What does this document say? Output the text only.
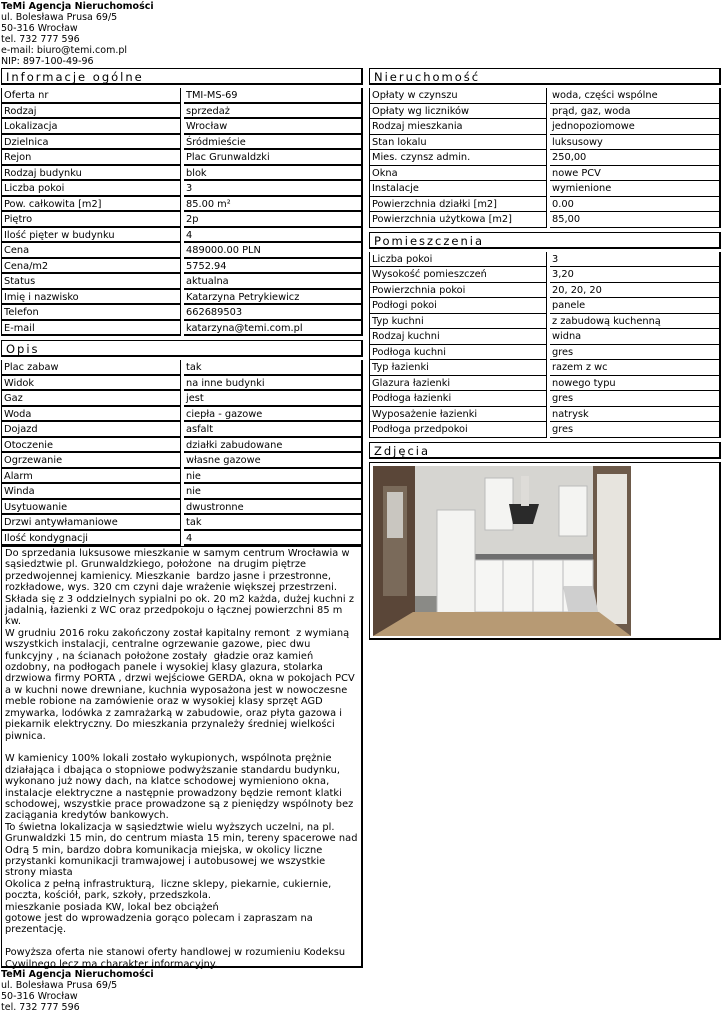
TeMi Agencja Nieruchomości
ul. Bolesława Prusa 69/5
50-316 Wrocław
tel. 732 777 596
e-mail: biuro@temi.com.pl
NIP: 897-100-49-96
Informacje ogólne
Oferta nr	TMI-MS-69
Rodzaj	sprzedaż
Lokalizacja	Wrocław
Dzielnica	Śródmieście
Rejon	Plac Grunwaldzki
Rodzaj budynku	blok
Liczba pokoi	3
Pow. całkowita [m2]	85.00 m²
Piętro	2p
Ilość pięter w budynku	4
Cena	489000.00 PLN
Cena/m2	5752.94
Status	aktualna
Imię i nazwisko	Katarzyna Petrykiewicz
Telefon	662689503
E-mail	katarzyna@temi.com.pl
Opis
Plac zabaw	tak
Widok	na inne budynki
Gaz	jest
Woda	ciepła - gazowe
Dojazd	asfalt
Otoczenie	działki zabudowane
Ogrzewanie	własne gazowe
Alarm	nie
Winda	nie
Usytuowanie	dwustronne
Drzwi antywłamaniowe	tak
Ilość kondygnacji	4
Do sprzedania luksusowe mieszkanie w samym centrum Wrocławia w sąsiedztwie pl. Grunwaldzkiego, położone  na drugim piętrze przedwojennej kamienicy. Mieszkanie  bardzo jasne i przestronne, rozkładowe, wys. 320 cm czyni daje wrażenie większej przestrzeni. Składa się z 3 oddzielnych sypialni po ok. 20 m2 każda, dużej kuchni z jadalnią, łazienki z WC oraz przedpokoju o łącznej powierzchni 85 m kw.
W grudniu 2016 roku zakończony został kapitalny remont  z wymianą wszystkich instalacji, centralne ogrzewanie gazowe, piec dwu funkcyjny , na ścianach położone zostały  gładzie oraz kamień ozdobny, na podłogach panele i wysokiej klasy glazura, stolarka drzwiowa firmy PORTA , drzwi wejściowe GERDA, okna w pokojach PCV a w kuchni nowe drewniane, kuchnia wyposażona jest w nowoczesne meble robione na zamówienie oraz w wysokiej klasy sprzęt AGD zmywarka, lodówka z zamrażarką w zabudowie, oraz płyta gazowa i piekarnik elektryczny. Do mieszkania przynależy średniej wielkości piwnica.

W kamienicy 100% lokali zostało wykupionych, wspólnota prężnie działająca i dbająca o stopniowe podwyższanie standardu budynku,  wykonano już nowy dach, na klatce schodowej wymieniono okna, instalacje elektryczne a następnie prowadzony będzie remont klatki schodowej, wszystkie prace prowadzone są z pieniędzy wspólnoty bez zaciągania kredytów bankowych.
To świetna lokalizacja w sąsiedztwie wielu wyższych uczelni, na pl. Grunwaldzki 15 min, do centrum miasta 15 min, tereny spacerowe nad Odrą 5 min, bardzo dobra komunikacja miejska, w okolicy liczne przystanki komunikacji tramwajowej i autobusowej we wszystkie strony miasta
Okolica z pełną infrastrukturą,  liczne sklepy, piekarnie, cukiernie, poczta, kościół, park, szkoły, przedszkola.
mieszkanie posiada KW, lokal bez obciążeń
gotowe jest do wprowadzenia gorąco polecam i zapraszam na prezentację.

Powyższa oferta nie stanowi oferty handlowej w rozumieniu Kodeksu Cywilnego lecz ma charakter informacyjny.
Nieruchomość
Opłaty w czynszu	woda, części wspólne
Opłaty wg liczników	prąd, gaz, woda
Rodzaj mieszkania	jednopoziomowe
Stan lokalu	luksusowy
Mies. czynsz admin.	250,00
Okna	nowe PCV
Instalacje	wymienione
Powierzchnia działki [m2]	0.00
Powierzchnia użytkowa [m2]	85,00
Pomieszczenia
Liczba pokoi	3
Wysokość pomieszczeń	3,20
Powierzchnia pokoi	20, 20, 20
Podłogi pokoi	panele
Typ kuchni	z zabudową kuchenną
Rodzaj kuchni	widna
Podłoga kuchni	gres
Typ łazienki	razem z wc
Glazura łazienki	nowego typu
Podłoga łazienki	gres
Wyposażenie łazienki	natrysk
Podłoga przedpokoi	gres
Zdjęcia
TeMi Agencja Nieruchomości
ul. Bolesława Prusa 69/5
50-316 Wrocław
tel. 732 777 596
